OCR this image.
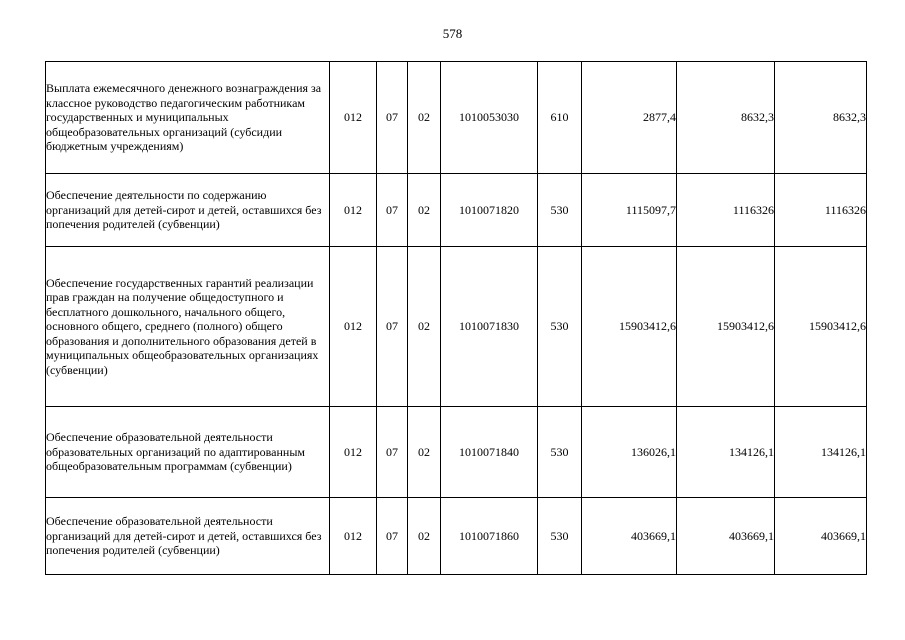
578
Выплата ежемесячного денежного вознаграждения за классное руководство педагогическим работникам государственных и муниципальных общеобразовательных организаций (субсидии бюджетным учреждениям)	012	07	02	1010053030	610	2877,4	8632,3	8632,3

Обеспечение деятельности по содержанию организаций для детей-сирот и детей, оставшихся без попечения родителей (субвенции)	012	07	02	1010071820	530	1115097,7	1116326	1116326

Обеспечение государственных гарантий реализации прав граждан на получение общедоступного и бесплатного дошкольного, начального общего, основного общего, среднего (полного) общего образования и дополнительного образования детей в муниципальных общеобразовательных организациях (субвенции)	012	07	02	1010071830	530	15903412,6	15903412,6	15903412,6

Обеспечение образовательной деятельности образовательных организаций по адаптированным общеобразовательным программам (субвенции)	012	07	02	1010071840	530	136026,1	134126,1	134126,1

Обеспечение образовательной деятельности организаций для детей-сирот и детей, оставшихся без попечения родителей (субвенции)	012	07	02	1010071860	530	403669,1	403669,1	403669,1
